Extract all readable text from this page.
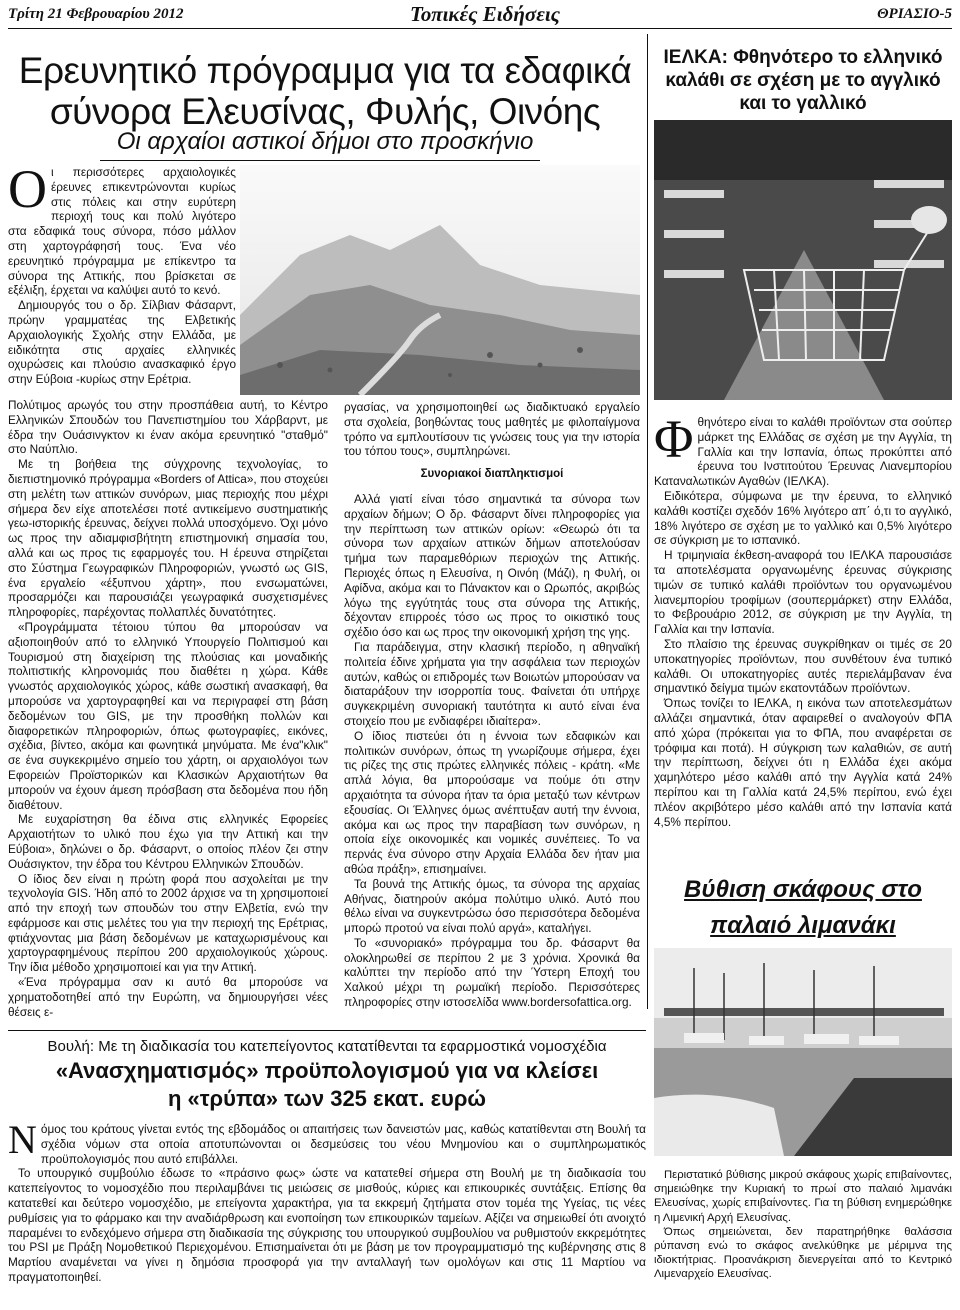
Τρίτη 21 Φεβρουαρίου 2012	Τοπικές Ειδήσεις	ΘΡΙΑΣΙΟ-5
Ερευνητικό πρόγραμμα για τα εδαφικά σύνορα Ελευσίνας, Φυλής, Οινόης
Οι αρχαίοι αστικοί δήμοι στο προσκήνιο
Ο ι περισσότερες αρχαιολογικές έρευνες επικεντρώνονται κυρίως στις πόλεις και στην ευρύτερη περιοχή τους και πολύ λιγότερο στα εδαφικά τους σύνορα, πόσο μάλλον στη χαρτογράφησή τους. Ένα νέο ερευνητικό πρόγραμμα με επίκεντρο τα σύνορα της Αττικής, που βρίσκεται σε εξέλιξη, έρχεται να καλύψει αυτό το κενό.

Δημιουργός του ο δρ. Σίλβιαν Φάσαρντ, πρώην γραμματέας της Ελβετικής Αρχαιολογικής Σχολής στην Ελλάδα, με ειδικότητα στις αρχαίες ελληνικές οχυρώσεις και πλούσιο ανασκαφικό έργο στην Εύβοια -κυρίως στην Ερέτρια.

Πολύτιμος αρωγός του στην προσπάθεια αυτή, το Κέντρο Ελληνικών Σπουδών του Πανεπιστημίου του Χάρβαρντ, με έδρα την Ουάσινγκτον κι έναν ακόμα ερευνητικό "σταθμό" στο Ναύπλιο.

Με τη βοήθεια της σύγχρονης τεχνολογίας, το διεπιστημονικό πρόγραμμα «Borders of Attica», που στοχεύει στη μελέτη των αττικών συνόρων, μιας περιοχής που μέχρι σήμερα δεν είχε αποτελέσει ποτέ αντικείμενο συστηματικής γεω-ιστορικής έρευνας, δείχνει πολλά υποσχόμενο. Όχι μόνο ως προς την αδιαμφισβήτητη επιστημονική σημασία του, αλλά και ως προς τις εφαρμογές του. Η έρευνα στηρίζεται στο Σύστημα Γεωγραφικών Πληροφοριών, γνωστό ως GIS, ένα εργαλείο «έξυπνου χάρτη», που ενσωματώνει, προσαρμόζει και παρουσιάζει γεωγραφικά συσχετισμένες πληροφορίες, παρέχοντας πολλαπλές δυνατότητες.

«Προγράμματα τέτοιου τύπου θα μπορούσαν να αξιοποιηθούν από το ελληνικό Υπουργείο Πολιτισμού και Τουρισμού στη διαχείριση της πλούσιας και μοναδικής πολιτιστικής κληρονομιάς που διαθέτει η χώρα. Κάθε γνωστός αρχαιολογικός χώρος, κάθε σωστική ανασκαφή, θα μπορούσε να χαρτογραφηθεί και να περιγραφεί στη βάση δεδομένων του GIS, με την προσθήκη πολλών και διαφορετικών πληροφοριών, όπως φωτογραφίες, εικόνες, σχέδια, βίντεο, ακόμα και φωνητικά μηνύματα. Με ένα"κλικ" σε ένα συγκεκριμένο σημείο του χάρτη, οι αρχαιολόγοι των Εφορειών Προϊστορικών και Κλασικών Αρχαιοτήτων θα μπορούν να έχουν άμεση πρόσβαση στα δεδομένα που ήδη διαθέτουν.

Με ευχαρίστηση θα έδινα στις ελληνικές Εφορείες Αρχαιοτήτων το υλικό που έχω για την Αττική και την Εύβοια», δηλώνει ο δρ. Φάσαρντ, ο οποίος πλέον ζει στην Ουάσιγκτον, την έδρα του Κέντρου Ελληνικών Σπουδών.

Ο ίδιος δεν είναι η πρώτη φορά που ασχολείται με την τεχνολογία GIS. Ήδη από το 2002 άρχισε να τη χρησιμοποιεί από την εποχή των σπουδών του στην Ελβετία, ενώ την εφάρμοσε και στις μελέτες του για την περιοχή της Ερέτριας, φτιάχνοντας μια βάση δεδομένων με καταχωρισμένους και χαρτογραφημένους περίπου 200 αρχαιολογικούς χώρους. Την ίδια μέθοδο χρησιμοποιεί και για την Αττική.

«Ένα πρόγραμμα σαν κι αυτό θα μπορούσε να χρηματοδοτηθεί από την Ευρώπη, να δημιουργήσει νέες θέσεις ε-

ργασίας, να χρησιμοποιηθεί ως διαδικτυακό εργαλείο στα σχολεία, βοηθώντας τους μαθητές με φιλοπαίγμονα τρόπο να εμπλουτίσουν τις γνώσεις τους για την ιστορία του τόπου τους», συμπληρώνει.

Συνοριακοί διαπληκτισμοί

Αλλά γιατί είναι τόσο σημαντικά τα σύνορα των αρχαίων δήμων; Ο δρ. Φάσαρντ δίνει πληροφορίες για την περίπτωση των αττικών ορίων: «Θεωρώ ότι τα σύνορα των αρχαίων αττικών δήμων αποτελούσαν τμήμα των παραμεθόριων περιοχών της Αττικής. Περιοχές όπως η Ελευσίνα, η Οινόη (Μάζι), η Φυλή, οι Αφίδνα, ακόμα και το Πάνακτον και ο Ωρωπός, ακριβώς λόγω της εγγύτητάς τους στα σύνορα της Αττικής, δέχονταν επιρροές τόσο ως προς το οικιστικό τους σχέδιο όσο και ως προς την οικονομική χρήση της γης.

Για παράδειγμα, στην κλασική περίοδο, η αθηναϊκή πολιτεία έδινε χρήματα για την ασφάλεια των περιοχών αυτών, καθώς οι επιδρομές των Βοιωτών μπορούσαν να διαταράξουν την ισορροπία τους. Φαίνεται ότι υπήρχε συγκεκριμένη συνοριακή ταυτότητα κι αυτό είναι ένα στοιχείο που με ενδιαφέρει ιδιαίτερα».

Ο ίδιος πιστεύει ότι η έννοια των εδαφικών και πολιτικών συνόρων, όπως τη γνωρίζουμε σήμερα, έχει τις ρίζες της στις πρώτες ελληνικές πόλεις - κράτη. «Με απλά λόγια, θα μπορούσαμε να πούμε ότι στην αρχαιότητα τα σύνορα ήταν τα όρια μεταξύ των κέντρων εξουσίας. Οι Έλληνες όμως ανέπτυξαν αυτή την έννοια, ακόμα και ως προς την παραβίαση των συνόρων, η οποία είχε οικονομικές και νομικές συνέπειες. Το να περνάς ένα σύνορο στην Αρχαία Ελλάδα δεν ήταν μια αθώα πράξη», επισημαίνει.

Τα βουνά της Αττικής όμως, τα σύνορα της αρχαίας Αθήνας, διατηρούν ακόμα πολύτιμο υλικό. Αυτό που θέλω είναι να συγκεντρώσω όσο περισσότερα δεδομένα μπορώ προτού να είναι πολύ αργά», καταλήγει.

Το «συνοριακό» πρόγραμμα του δρ. Φάσαρντ θα ολοκληρωθεί σε περίπου 2 με 3 χρόνια. Χρονικά θα καλύπτει την περίοδο από την Ύστερη Εποχή του Χαλκού μέχρι τη ρωμαϊκή περίοδο. Περισσότερες πληροφορίες στην ιστοσελίδα www.bordersofattica.org.

ΙΕΛΚΑ: Φθηνότερο το ελληνικό καλάθι σε σχέση με το αγγλικό και το γαλλικό
Φ θηνότερο είναι το καλάθι προϊόντων στα σούπερ μάρκετ της Ελλάδας σε σχέση με την Αγγλία, τη Γαλλία και την Ισπανία, όπως προκύπτει από έρευνα του Ινστιτούτου Έρευνας Λιανεμπορίου Καταναλωτικών Αγαθών (ΙΕΛΚΑ).

Ειδικότερα, σύμφωνα με την έρευνα, το ελληνικό καλάθι κοστίζει σχεδόν 16% λιγότερο απ΄ ό,τι το αγγλικό, 18% λιγότερο σε σχέση με το γαλλικό και 0,5% λιγότερο σε σύγκριση με το ισπανικό.

Η τριμηνιαία έκθεση-αναφορά του ΙΕΛΚΑ παρουσιάσε τα αποτελέσματα οργανωμένης έρευνας σύγκρισης τιμών σε τυπικό καλάθι προϊόντων του οργανωμένου λιανεμπορίου τροφίμων (σουπερμάρκετ) στην Ελλάδα, το Φεβρουάριο 2012, σε σύγκριση με την Αγγλία, τη Γαλλία και την Ισπανία.

Στο πλαίσιο της έρευνας συγκρίθηκαν οι τιμές σε 20 υποκατηγορίες προϊόντων, που συνθέτουν ένα τυπικό καλάθι. Οι υποκατηγορίες αυτές περιελάμβαναν ένα σημαντικό δείγμα τιμών εκατοντάδων προϊόντων.

Όπως τονίζει το ΙΕΛΚΑ, η εικόνα των αποτελεσμάτων αλλάζει σημαντικά, όταν αφαιρεθεί ο αναλογούν ΦΠΑ από χώρα (πρόκειται για το ΦΠΑ, που αναφέρεται σε τρόφιμα και ποτά). Η σύγκριση των καλαθιών, σε αυτή την περίπτωση, δείχνει ότι η Ελλάδα έχει ακόμα χαμηλότερο μέσο καλάθι από την Αγγλία κατά 24% περίπου και τη Γαλλία κατά 24,5% περίπου, ενώ έχει πλέον ακριβότερο μέσο καλάθι από την Ισπανία κατά 4,5% περίπου.

Βύθιση σκάφους στο παλαιό λιμανάκι

Περιστατικό βύθισης μικρού σκάφους χωρίς επιβαίνοντες, σημειώθηκε την Κυριακή το πρωί στο παλαιό λιμανάκι Ελευσίνας, χωρίς επιβαίνοντες. Για τη βύθιση ενημερώθηκε η Λιμενική Αρχή Ελευσίνας.

Όπως σημειώνεται, δεν παρατηρήθηκε θαλάσσια ρύπανση ενώ το σκάφος ανελκύθηκε με μέριμνα της ιδιοκτήτριας. Προανάκριση διενεργείται από το Κεντρικό Λιμεναρχείο Ελευσίνας.

Βουλή: Με τη διαδικασία του κατεπείγοντος κατατίθενται τα εφαρμοστικά νομοσχέδια
«Ανασχηματισμός» προϋπολογισμού για να κλείσει
η «τρύπα» των 325 εκατ. ευρώ
Ν όμος του κράτους γίνεται εντός της εβδομάδος οι απαιτήσεις των δανειστών μας, καθώς κατατίθενται στη Βουλή τα σχέδια νόμων στα οποία αποτυπώνονται οι δεσμεύσεις του νέου Μνημονίου και ο συμπληρωματικός προϋπολογισμός που αυτό επιβάλλει.

Το υπουργικό συμβούλιο έδωσε το «πράσινο φως» ώστε να κατατεθεί σήμερα στη Βουλή με τη διαδικασία του κατεπείγοντος το νομοσχέδιο που περιλαμβάνει τις μειώσεις σε μισθούς, κύριες και επικουρικές συντάξεις. Επίσης θα κατατεθεί και δεύτερο νομοσχέδιο, με επείγοντα χαρακτήρα, για τα εκκρεμή ζητήματα στον τομέα της Υγείας, τις νέες ρυθμίσεις για το φάρμακο και την αναδιάρθρωση και ενοποίηση των επικουρικών ταμείων. Αξίζει να σημειωθεί ότι ανοιχτό παραμένει το ενδεχόμενο σήμερα στη διαδικασία της σύγκρισης του υπουργικού συμβουλίου να ρυθμιστούν εκκρεμότητες του PSI με Πράξη Νομοθετικού Περιεχομένου. Επισημαίνεται ότι με βάση με τον προγραμματισμό της κυβέρνησης στις 8 Μαρτίου αναμένεται να γίνει η δημόσια προσφορά για την ανταλλαγή των ομολόγων και στις 11 Μαρτίου να πραγματοποιηθεί.
